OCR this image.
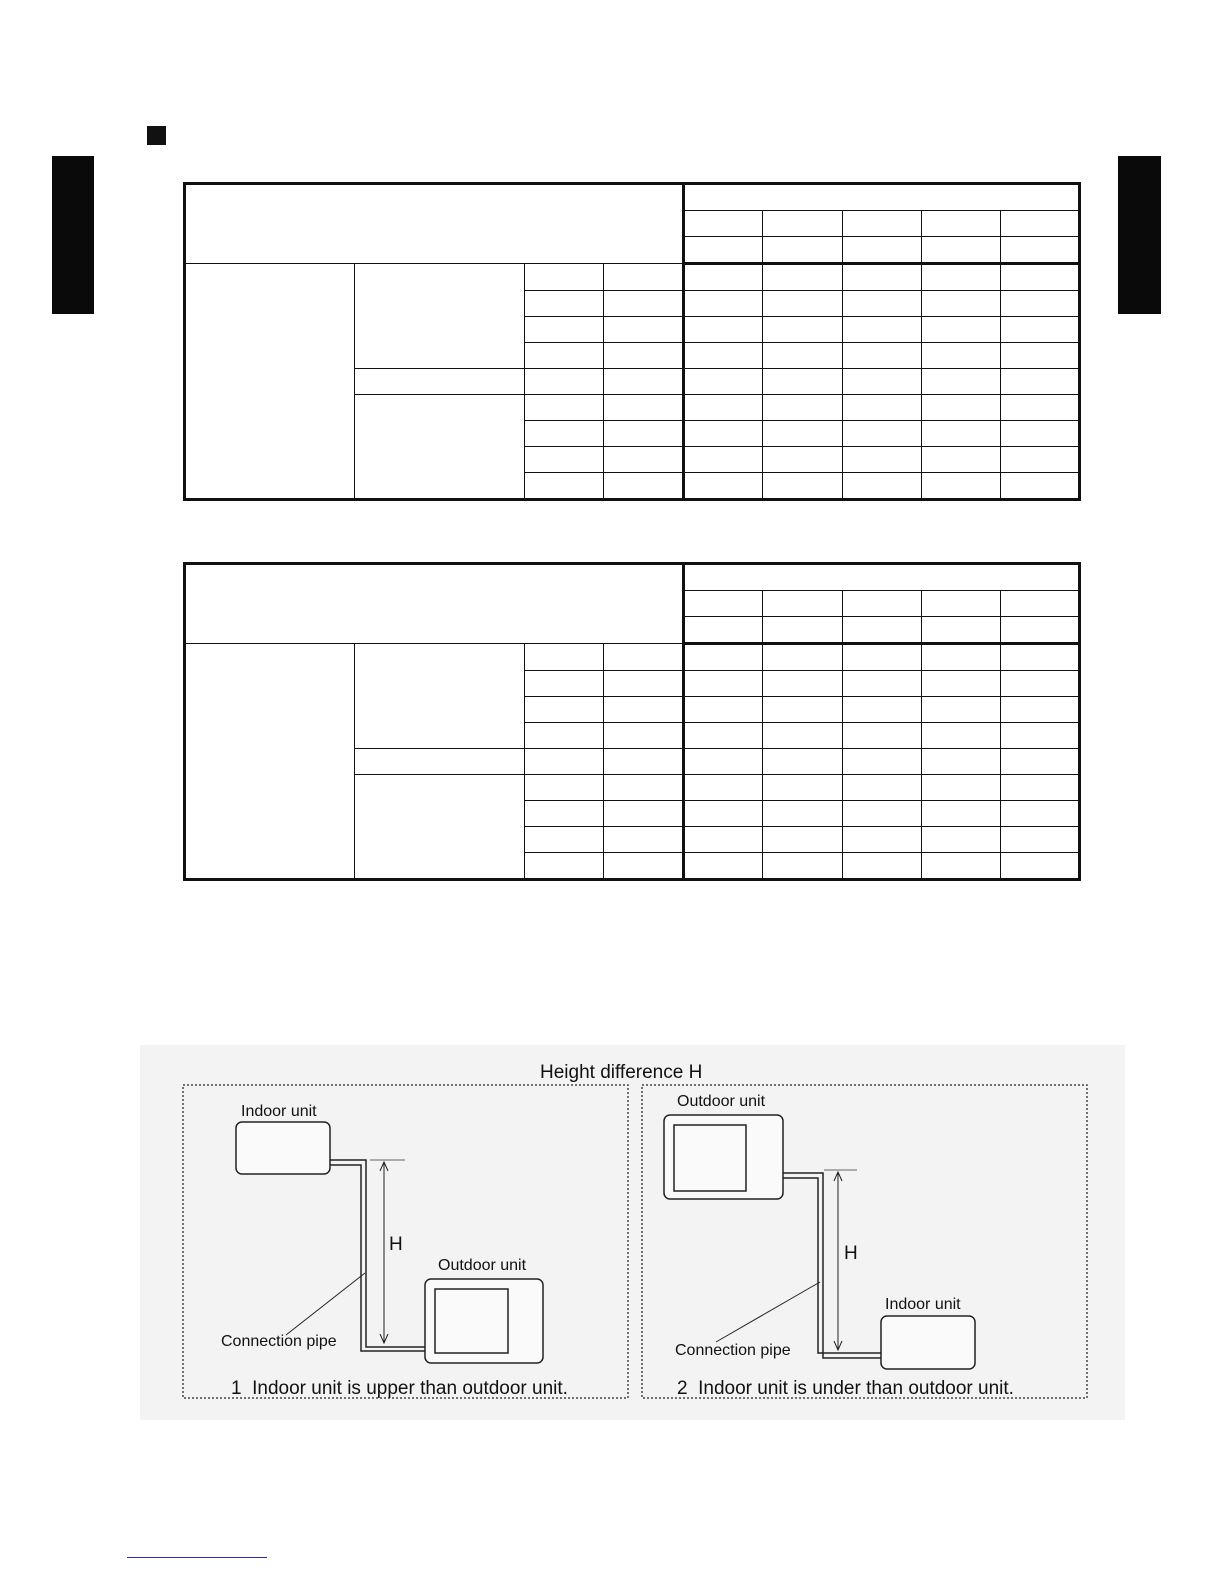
Height difference H
Indoor unit
H
Outdoor unit
Connection pipe
1  Indoor unit is upper than outdoor unit.
Outdoor unit
H
Indoor unit
Connection pipe
2  Indoor unit is under than outdoor unit.
